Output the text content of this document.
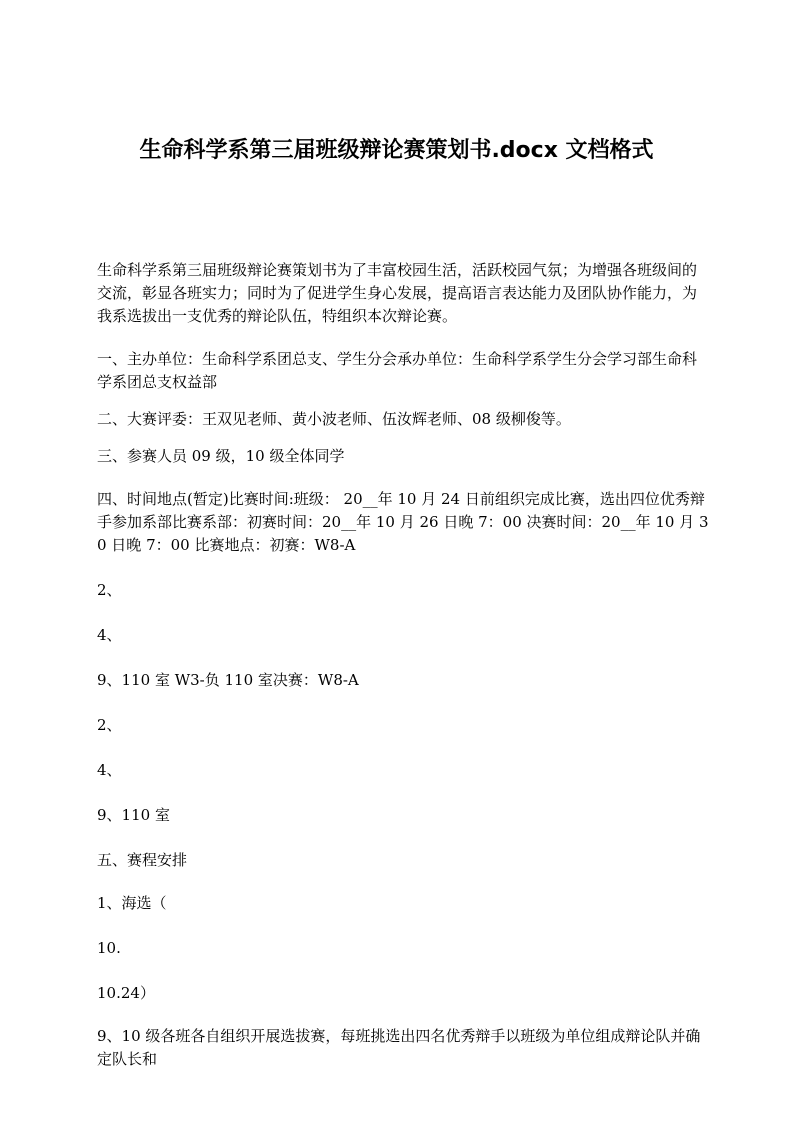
生命科学系第三届班级辩论赛策划书.docx 文档格式

生命科学系第三届班级辩论赛策划书为了丰富校园生活，活跃校园气氛；为增强各班级间的交流，彰显各班实力；同时为了促进学生身心发展，提高语言表达能力及团队协作能力，为我系选拔出一支优秀的辩论队伍，特组织本次辩论赛。

一、主办单位：生命科学系团总支、学生分会承办单位：生命科学系学生分会学习部生命科学系团总支权益部

二、大赛评委：王双见老师、黄小波老师、伍汝辉老师、08 级柳俊等。

三、参赛人员 09 级，10 级全体同学

四、时间地点(暂定)比赛时间:班级： 20__年 10 月 24 日前组织完成比赛，选出四位优秀辩手参加系部比赛系部：初赛时间：20__年 10 月 26 日晚 7：00 决赛时间：20__年 10 月 30 日晚 7：00 比赛地点：初赛：W8-A

2、

4、

9、110 室 W3-负 110 室决赛：W8-A

2、

4、

9、110 室

五、赛程安排

1、海选（

10.

10.24）

9、10 级各班各自组织开展选拔赛，每班挑选出四名优秀辩手以班级为单位组成辩论队并确定队长和
